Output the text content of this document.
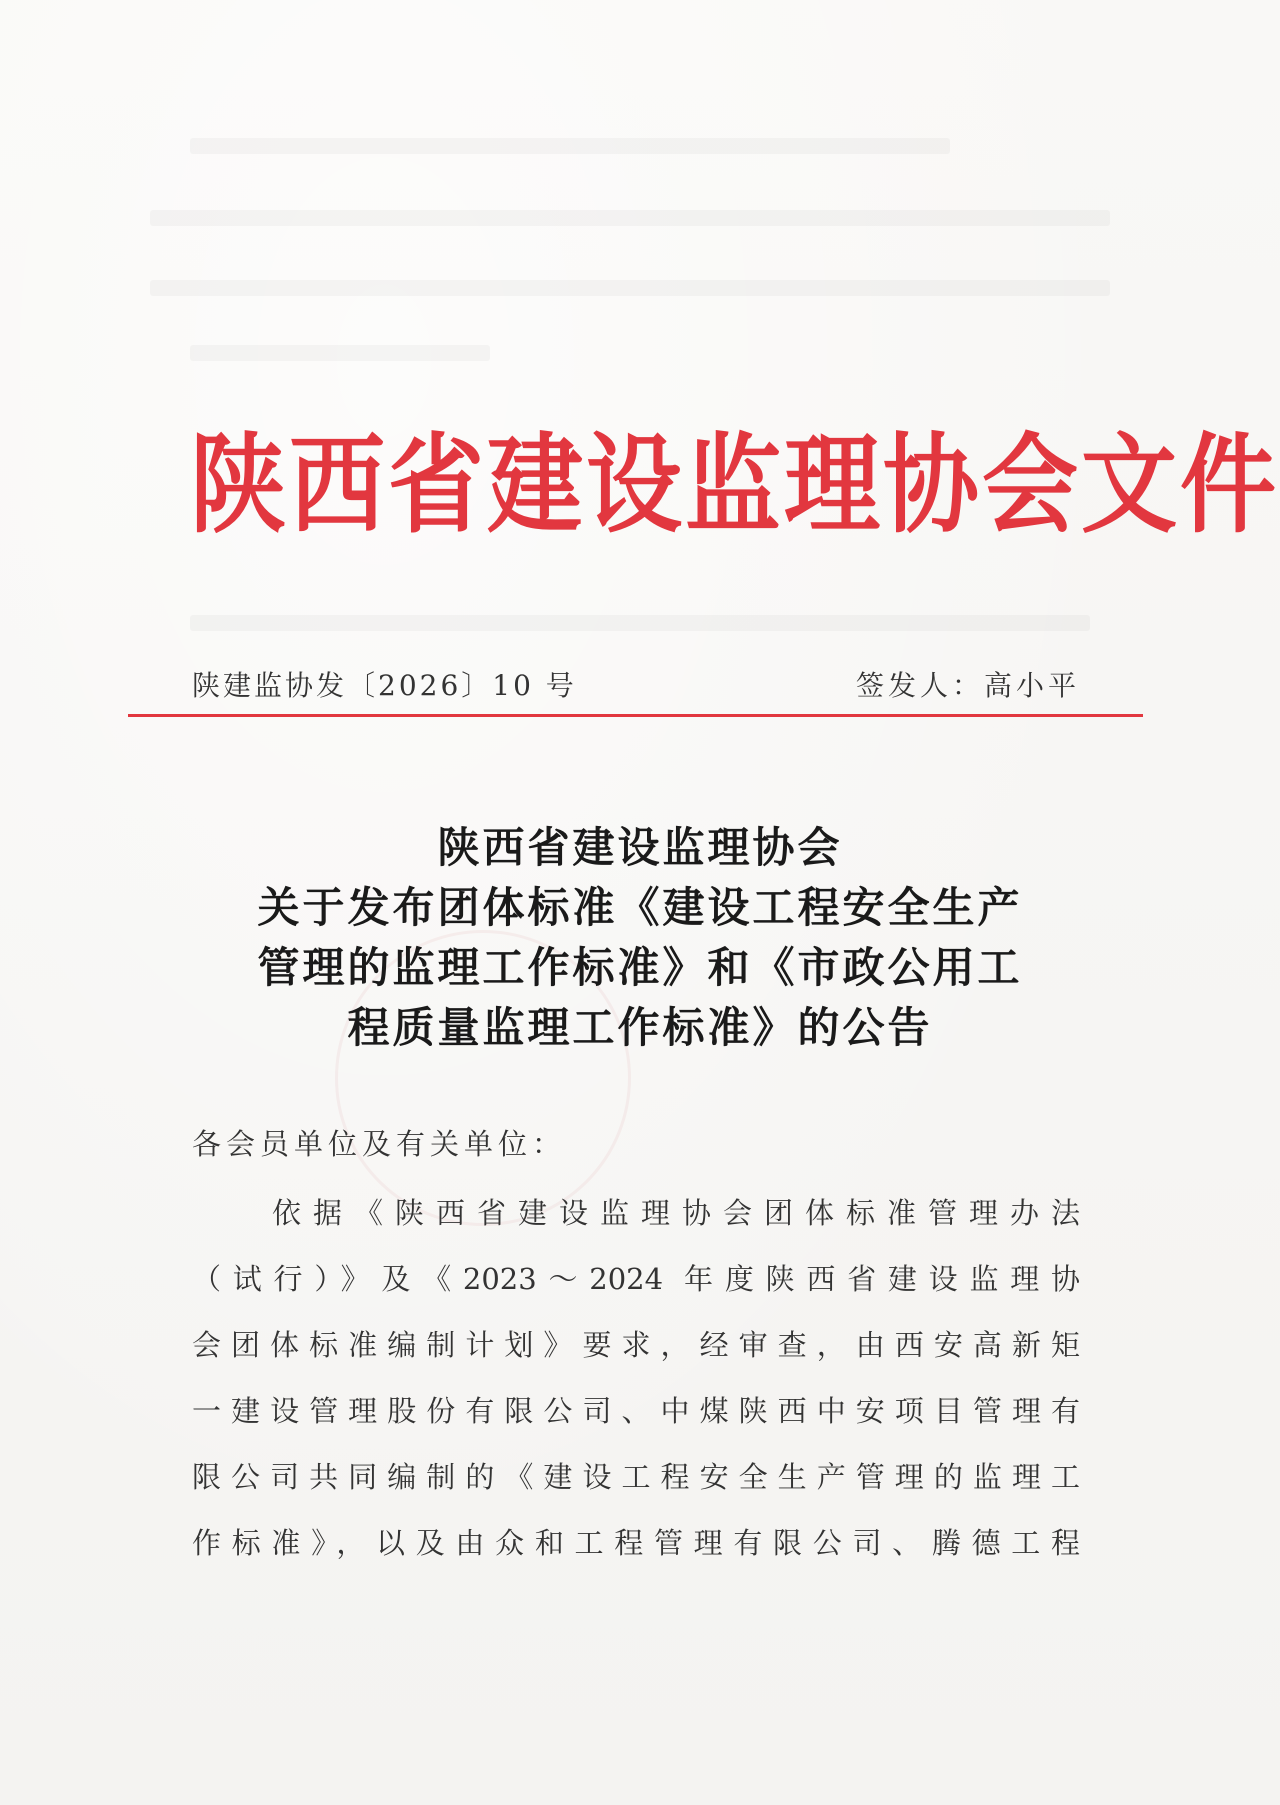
陕西省建设监理协会文件
陕建监协发〔2026〕10 号	签发人：高小平
陕西省建设监理协会
关于发布团体标准《建设工程安全生产
管理的监理工作标准》和《市政公用工
程质量监理工作标准》的公告
各会员单位及有关单位：
依据《陕西省建设监理协会团体标准管理办法
（试行）》及《2023～2024 年度陕西省建设监理协
会团体标准编制计划》要求，经审查，由西安高新矩
一建设管理股份有限公司、中煤陕西中安项目管理有
限公司共同编制的《建设工程安全生产管理的监理工
作标准》，以及由众和工程管理有限公司、腾德工程
